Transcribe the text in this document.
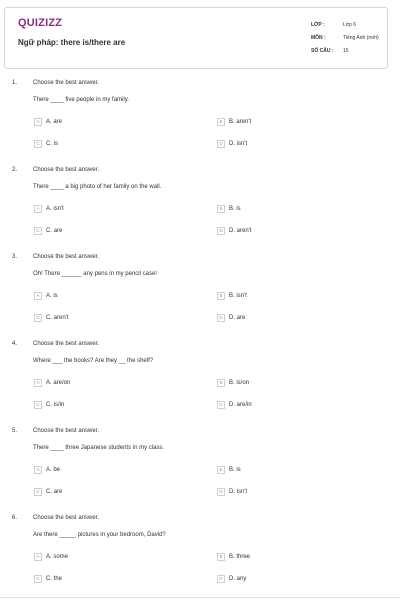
QUIZIZZ
Ngữ pháp: there is/there are
LỚP :	Lớp 6
MÔN :	Tiếng Anh (mới)
SỐ CÂU :	15
1.	Choose the best answer.
There ____ five people in my family.
A	A. are	B	B. aren't
C	C. is	D	D. isn't
2.	Choose the best answer.
There ____ a big photo of her family on the wall.
A	A. isn't	B	B. is
C	C. are	D	D. aren't
3.	Choose the best answer.
Oh! There ______ any pens in my pencil case!
A	A. is	B	B. isn't
C	C. aren't	D	D. are
4.	Choose the best answer.
Where ___ the books? Are they __ the shelf?
A	A. are/on	B	B. is/on
C	C. is/in	D	D. are/in
5.	Choose the best answer.
There ____ three Japanese students in my class.
A	A. be	B	B. is
C	C. are	D	D. isn't
6.	Choose the best answer.
Are there _____ pictures in your bedroom, David?
A	A. some	B	B. three
C	C. the	D	D. any
